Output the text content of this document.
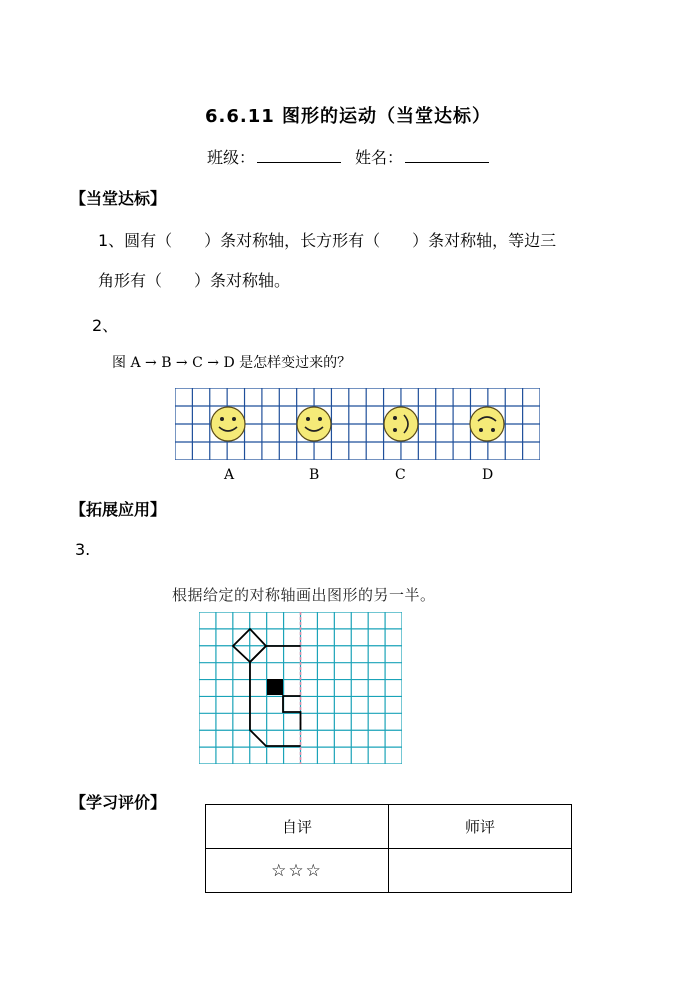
6.6.11 图形的运动（当堂达标）
班级：	姓名：
【当堂达标】
1、圆有（　　）条对称轴，长方形有（　　）条对称轴，等边三
角形有（　　）条对称轴。
2、
图 A → B → C → D 是怎样变过来的？
A	B	C	D
【拓展应用】
3.
根据给定的对称轴画出图形的另一半。
【学习评价】
自评	师评
☆☆☆	
